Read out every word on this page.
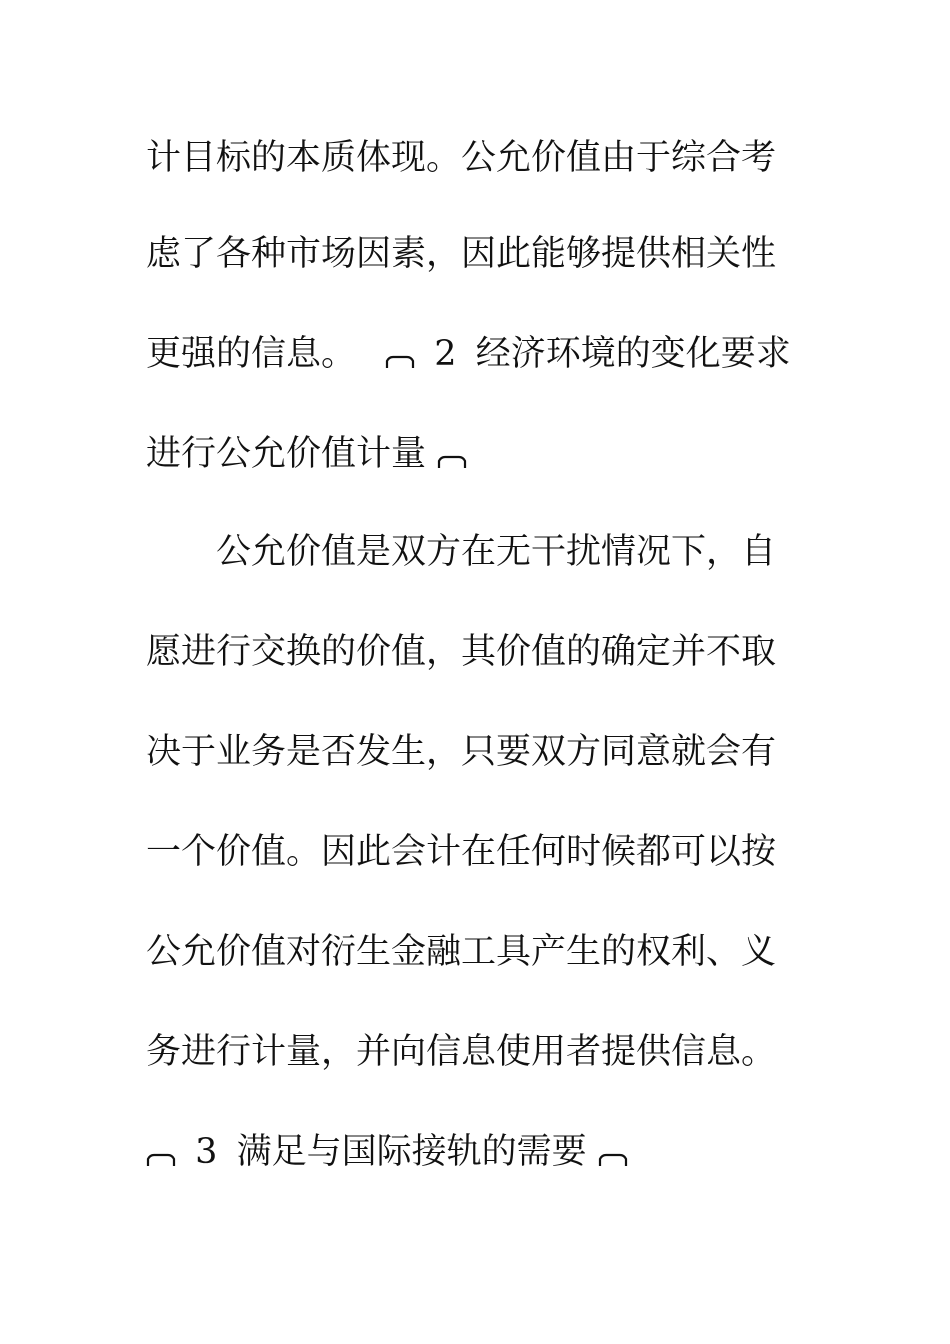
计目标的本质体现。公允价值由于综合考
虑了各种市场因素，因此能够提供相关性
更强的信息。 2 经济环境的变化要求
进行公允价值计量
公允价值是双方在无干扰情况下，自
愿进行交换的价值，其价值的确定并不取
决于业务是否发生，只要双方同意就会有
一个价值。因此会计在任何时候都可以按
公允价值对衍生金融工具产生的权利、义
务进行计量，并向信息使用者提供信息。
3 满足与国际接轨的需要
